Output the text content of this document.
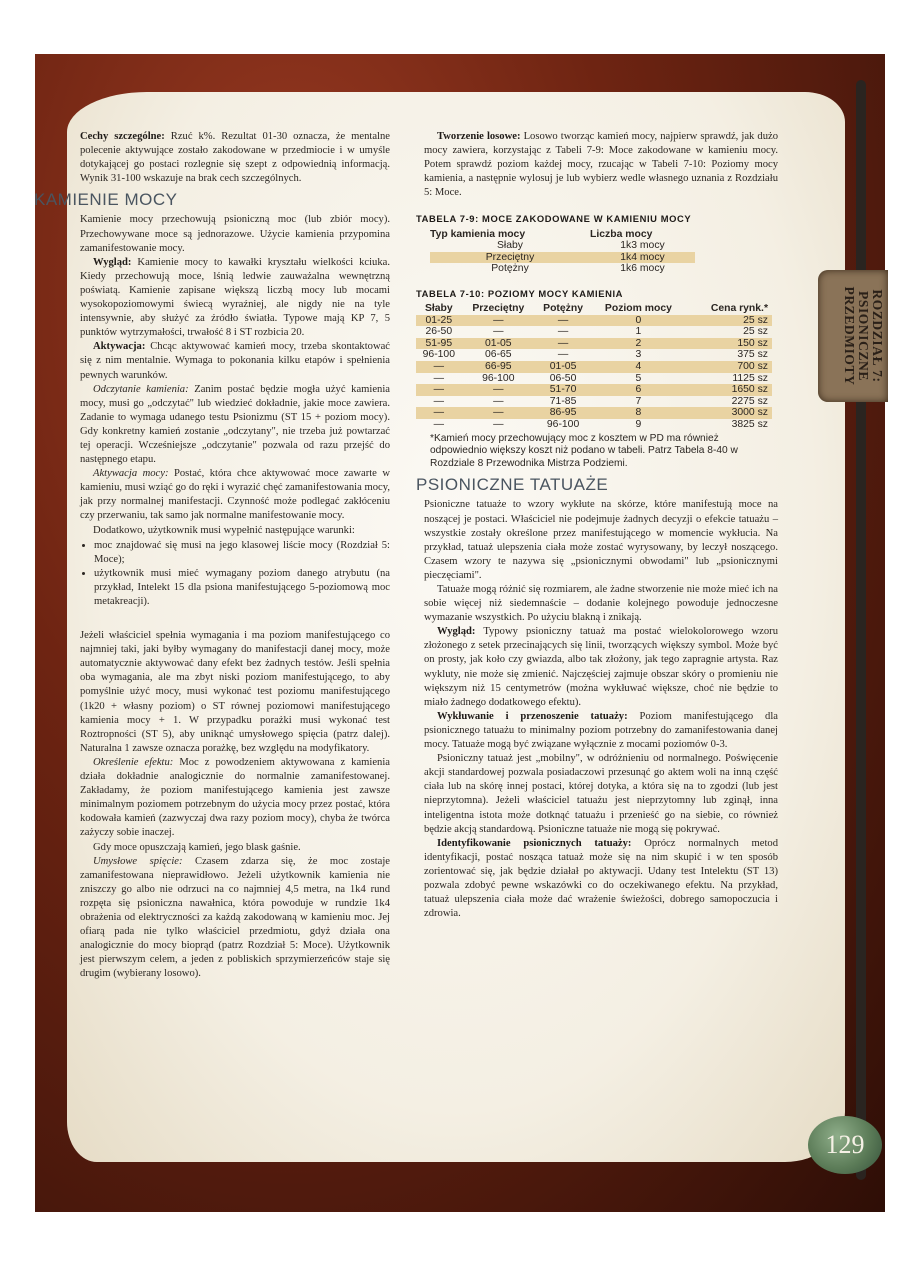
Cechy szczególne: Rzuć k%. Rezultat 01-30 oznacza, że mentalne polecenie aktywujące zostało zakodowane w przedmiocie i w umyśle dotykającej go postaci rozlegnie się szept z odpowiednią informacją. Wynik 31-100 wskazuje na brak cech szczególnych.

KAMIENIE MOCY

Kamienie mocy przechowują psioniczną moc (lub zbiór mocy). Przechowywane moce są jednorazowe. Użycie kamienia przypomina zamanifestowanie mocy.

Wygląd: Kamienie mocy to kawałki kryształu wielkości kciuka. Kiedy przechowują moce, lśnią ledwie zauważalna wewnętrzną poświatą. Kamienie zapisane większą liczbą mocy lub mocami wysokopoziomowymi świecą wyraźniej, ale nigdy nie na tyle intensywnie, aby służyć za źródło światła. Typowe mają KP 7, 5 punktów wytrzymałości, trwałość 8 i ST rozbicia 20.

Aktywacja: Chcąc aktywować kamień mocy, trzeba skontaktować się z nim mentalnie. Wymaga to pokonania kilku etapów i spełnienia pewnych warunków.

Odczytanie kamienia: Zanim postać będzie mogła użyć kamienia mocy, musi go „odczytać" lub wiedzieć dokładnie, jakie moce zawiera. Zadanie to wymaga udanego testu Psionizmu (ST 15 + poziom mocy). Gdy konkretny kamień zostanie „odczytany", nie trzeba już powtarzać tej operacji. Wcześniejsze „odczytanie" pozwala od razu przejść do następnego etapu.

Aktywacja mocy: Postać, która chce aktywować moce zawarte w kamieniu, musi wziąć go do ręki i wyrazić chęć zamanifestowania mocy, jak przy normalnej manifestacji. Czynność może podlegać zakłóceniu czy przerwaniu, tak samo jak normalne manifestowanie mocy.

Dodatkowo, użytkownik musi wypełnić następujące warunki:

• moc znajdować się musi na jego klasowej liście mocy (Rozdział 5: Moce);
• użytkownik musi mieć wymagany poziom danego atrybutu (na przykład, Intelekt 15 dla psiona manifestującego 5-poziomową moc metakreacji).

Jeżeli właściciel spełnia wymagania i ma poziom manifestującego co najmniej taki, jaki byłby wymagany do manifestacji danej mocy, może automatycznie aktywować dany efekt bez żadnych testów. Jeśli spełnia oba wymagania, ale ma zbyt niski poziom manifestującego, to aby pomyślnie użyć mocy, musi wykonać test poziomu manifestującego (1k20 + własny poziom) o ST równej poziomowi manifestującego kamienia mocy + 1. W przypadku porażki musi wykonać test Roztropności (ST 5), aby uniknąć umysłowego spięcia (patrz dalej). Naturalna 1 zawsze oznacza porażkę, bez względu na modyfikatory.

Określenie efektu: Moc z powodzeniem aktywowana z kamienia działa dokładnie analogicznie do normalnie zamanifestowanej. Zakładamy, że poziom manifestującego kamienia jest zawsze minimalnym poziomem potrzebnym do użycia mocy przez postać, która kodowała kamień (zazwyczaj dwa razy poziom mocy), chyba że twórca zażyczy sobie inaczej.

Gdy moce opuszczają kamień, jego blask gaśnie.

Umysłowe spięcie: Czasem zdarza się, że moc zostaje zamanifestowana nieprawidłowo. Jeżeli użytkownik kamienia nie zniszczy go albo nie odrzuci na co najmniej 4,5 metra, na 1k4 rund rozpęta się psioniczna nawałnica, która powoduje w rundzie 1k4 obrażenia od elektryczności za każdą zakodowaną w kamieniu moc. Jej ofiarą pada nie tylko właściciel przedmiotu, gdyż działa ona analogicznie do mocy bioprąd (patrz Rozdział 5: Moce). Użytkownik jest pierwszym celem, a jeden z pobliskich sprzymierzeńców staje się drugim (wybierany losowo).

Tworzenie losowe: Losowo tworząc kamień mocy, najpierw sprawdź, jak dużo mocy zawiera, korzystając z Tabeli 7-9: Moce zakodowane w kamieniu mocy. Potem sprawdź poziom każdej mocy, rzucając w Tabeli 7-10: Poziomy mocy kamienia, a następnie wylosuj je lub wybierz wedle własnego uznania z Rozdziału 5: Moce.

TABELA 7-9: MOCE ZAKODOWANE W KAMIENIU MOCY
Typ kamienia mocy	Liczba mocy
Słaby	1k3 mocy
Przeciętny	1k4 mocy
Potężny	1k6 mocy
TABELA 7-10: POZIOMY MOCY KAMIENIA
Słaby	Przeciętny	Potężny	Poziom mocy	Cena rynk.*
01-25	—	—	0	25 sz
26-50	—	—	1	25 sz
51-95	01-05	—	2	150 sz
96-100	06-65	—	3	375 sz
—	66-95	01-05	4	700 sz
—	96-100	06-50	5	1125 sz
—	—	51-70	6	1650 sz
—	—	71-85	7	2275 sz
—	—	86-95	8	3000 sz
—	—	96-100	9	3825 sz

*Kamień mocy przechowujący moc z kosztem w PD ma również odpowiednio większy koszt niż podano w tabeli. Patrz Tabela 8-40 w Rozdziale 8 Przewodnika Mistrza Podziemi.

PSIONICZNE TATUAŻE

Psioniczne tatuaże to wzory wykłute na skórze, które manifestują moce na noszącej je postaci. Właściciel nie podejmuje żadnych decyzji o efekcie tatuażu – wszystkie zostały określone przez manifestującego w momencie wykłucia. Na przykład, tatuaż ulepszenia ciała może zostać wyrysowany, by leczył noszącego. Czasem wzory te nazywa się „psionicznymi obwodami" lub „psionicznymi pieczęciami".

Tatuaże mogą różnić się rozmiarem, ale żadne stworzenie nie może mieć ich na sobie więcej niż siedemnaście – dodanie kolejnego powoduje jednoczesne wymazanie wszystkich. Po użyciu blakną i znikają.

Wygląd: Typowy psioniczny tatuaż ma postać wielokolorowego wzoru złożonego z setek przecinających się linii, tworzących większy symbol. Może być on prosty, jak koło czy gwiazda, albo tak złożony, jak tego zapragnie artysta. Raz wykluty, nie może się zmienić. Najczęściej zajmuje obszar skóry o promieniu nie większym niż 15 centymetrów (można wykłuwać większe, choć nie będzie to miało żadnego dodatkowego efektu).

Wykłuwanie i przenoszenie tatuaży: Poziom manifestującego dla psionicznego tatuażu to minimalny poziom potrzebny do zamanifestowania danej mocy. Tatuaże mogą być związane wyłącznie z mocami poziomów 0-3.

Psioniczny tatuaż jest „mobilny", w odróżnieniu od normalnego. Poświęcenie akcji standardowej pozwala posiadaczowi przesunąć go aktem woli na inną część ciała lub na skórę innej postaci, której dotyka, a która się na to zgodzi (lub jest nieprzytomna). Jeżeli właściciel tatuażu jest nieprzytomny lub zginął, inna inteligentna istota może dotknąć tatuażu i przenieść go na siebie, co również będzie akcją standardową. Psioniczne tatuaże nie mogą się pokrywać.

Identyfikowanie psionicznych tatuaży: Oprócz normalnych metod identyfikacji, postać nosząca tatuaż może się na nim skupić i w ten sposób zorientować się, jak będzie działał po aktywacji. Udany test Intelektu (ST 13) pozwala zdobyć pewne wskazówki co do oczekiwanego efektu. Na przykład, tatuaż ulepszenia ciała może dać wrażenie świeżości, dobrego samopoczucia i zdrowia.

ROZDZIAŁ 7: PSIONICZNE PRZEDMIOTY
129
